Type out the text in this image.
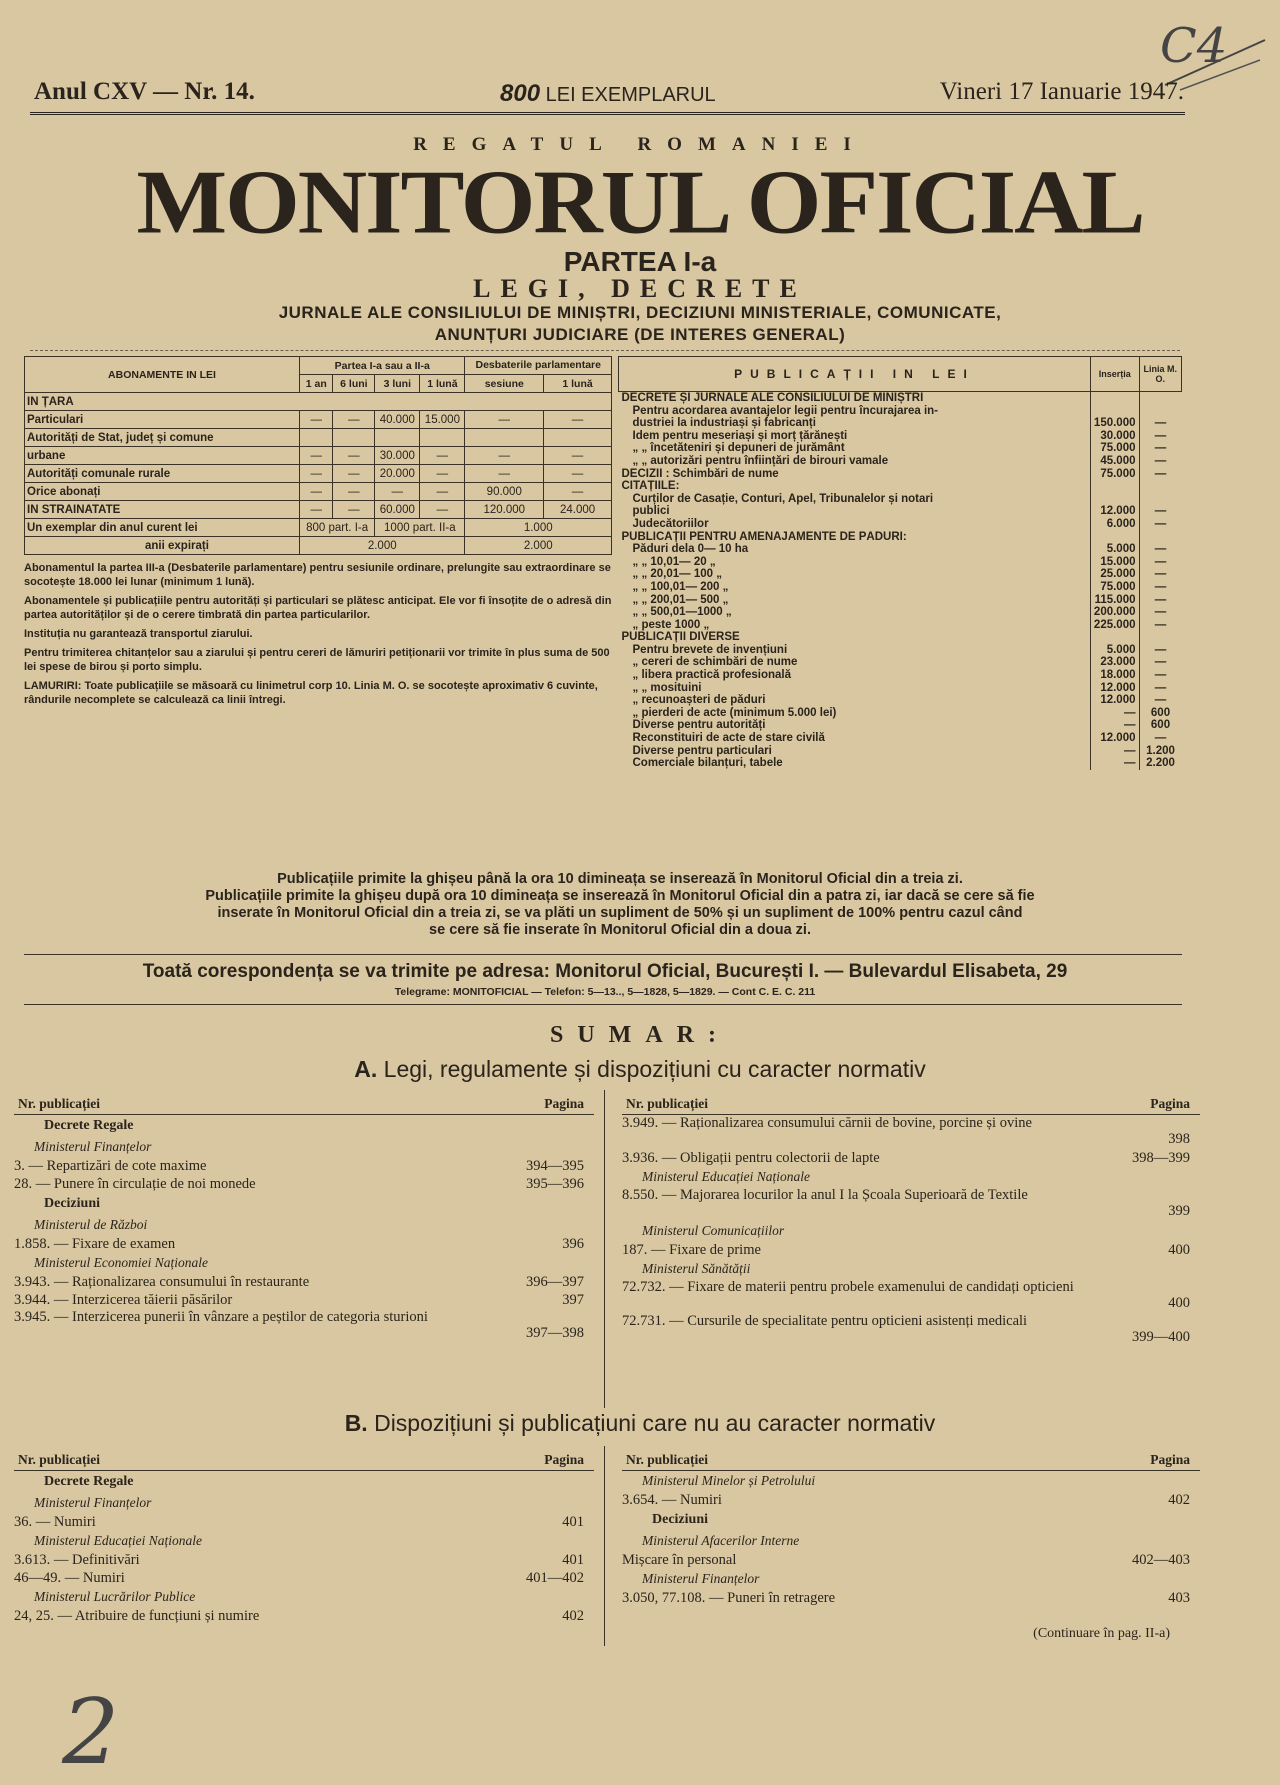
C4
2
Anul CXV — Nr. 14.	800 LEI EXEMPLARUL	Vineri 17 Ianuarie 1947.
REGATUL ROMANIEI
MONITORUL OFICIAL
PARTEA I-a
LEGI, DECRETE
JURNALE ALE CONSILIULUI DE MINIȘTRI, DECIZIUNI MINISTERIALE, COMUNICATE,
ANUNȚURI JUDICIARE (DE INTERES GENERAL)
ABONAMENTE IN LEI	Partea I-a sau a II-a				Desbaterile parlamentare	
	1 an	6 luni	3 luni	1 lună	sesiune	1 lună
IN ȚARA						
Particulari	—	—	40.000	15.000	—	—
Autorități de Stat, județ și comune						
urbane	—	—	30.000	—	—	—
Autorități comunale rurale	—	—	20.000	—	—	—
Orice abonați	—	—	—	—	90.000	—
IN STRAINATATE	—	—	60.000	—	120.000	24.000
Un exemplar din anul curent lei	800 part. I-a		1000 part. II-a		1.000	
anii expirați	2.000				2.000	

Abonamentul la partea III-a (Desbaterile parlamentare) pentru sesiunile ordinare, prelungite sau extraordinare se socotește 18.000 lei lunar (minimum 1 lună).

Abonamentele și publicațiile pentru autorități și particulari se plătesc anticipat. Ele vor fi însoțite de o adresă din partea autorităților și de o cerere timbrată din partea particularilor.

Instituția nu garantează transportul ziarului.

Pentru trimiterea chitanțelor sau a ziarului și pentru cereri de lămuriri petiționarii vor trimite în plus suma de 500 lei spese de birou și porto simplu.

LAMURIRI: Toate publicațiile se măsoară cu linimetrul corp 10. Linia M. O. se socotește aproximativ 6 cuvinte, rândurile necomplete se calculează ca linii întregi.

PUBLICAȚII IN LEI	Inserția	Linia M. O.
DECRETE ȘI JURNALE ALE CONSILIULUI DE MINIȘTRI		
Pentru acordarea avantajelor legii pentru încurajarea in-		
dustriei la industriași și fabricanți	150.000	—
Idem pentru meseriași și morț țărănești	30.000	—
„ „ încetăteniri și depuneri de jurământ	75.000	—
„ „ autorizări pentru înființări de birouri vamale	45.000	—
DECIZII : Schimbări de nume	75.000	—
CITAȚIILE:		
Curților de Casație, Conturi, Apel, Tribunalelor și notari		
publici	12.000	—
Judecătoriilor	6.000	—
PUBLICAȚII PENTRU AMENAJAMENTE DE PĂDURI:		
Păduri dela 0— 10 ha	5.000	—
„ „ 10,01— 20 „	15.000	—
„ „ 20,01— 100 „	25.000	—
„ „ 100,01— 200 „	75.000	—
„ „ 200,01— 500 „	115.000	—
„ „ 500,01—1000 „	200.000	—
„ peste 1000 „	225.000	—
PUBLICAȚII DIVERSE		
Pentru brevete de invențiuni	5.000	—
„ cereri de schimbări de nume	23.000	—
„ libera practică profesională	18.000	—
„ „ mosituini	12.000	—
„ recunoașteri de păduri	12.000	—
„ pierderi de acte (minimum 5.000 lei)	—	600
Diverse pentru autorități	—	600
Reconstituiri de acte de stare civilă	12.000	—
Diverse pentru particulari	—	1.200
Comerciale bilanțuri, tabele	—	2.200
Publicațiile primite la ghișeu până la ora 10 dimineața se inserează în Monitorul Oficial din a treia zi.
Publicațiile primite la ghișeu după ora 10 dimineața se inserează în Monitorul Oficial din a patra zi, iar dacă se cere să fie
inserate în Monitorul Oficial din a treia zi, se va plăti un supliment de 50% și un supliment de 100% pentru cazul când
se cere să fie inserate în Monitorul Oficial din a doua zi.
Toată corespondența se va trimite pe adresa: Monitorul Oficial, București I. — Bulevardul Elisabeta, 29
Telegrame: MONITOFICIAL — Telefon: 5—13.., 5—1828, 5—1829. — Cont C. E. C. 211
SUMAR:
A. Legi, regulamente și dispozițiuni cu caracter normativ
Nr. publicației	Pagina
Decrete Regale
Ministerul Finanțelor
3. — Repartizări de cote maxime	394—395
28. — Punere în circulație de noi monede	395—396
Deciziuni
Ministerul de Război
1.858. — Fixare de examen	396
Ministerul Economiei Naționale
3.943. — Raționalizarea consumului în restaurante	396—397
3.944. — Interzicerea tăierii păsărilor	397
3.945. — Interzicerea punerii în vânzare a peștilor de categoria sturioni
397—398
Nr. publicației	Pagina
3.949. — Raționalizarea consumului cărnii de bovine, porcine și ovine
398
3.936. — Obligații pentru colectorii de lapte	398—399
Ministerul Educației Naționale
8.550. — Majorarea locurilor la anul I la Școala Superioară de Textile
399
Ministerul Comunicațiilor
187. — Fixare de prime	400
Ministerul Sănătății
72.732. — Fixare de materii pentru probele examenului de candidați opticieni
400
72.731. — Cursurile de specialitate pentru opticieni asistenți medicali
399—400
B. Dispozițiuni și publicațiuni care nu au caracter normativ
Nr. publicației	Pagina
Decrete Regale
Ministerul Finanțelor
36. — Numiri	401
Ministerul Educației Naționale
3.613. — Definitivări	401
46—49. — Numiri	401—402
Ministerul Lucrărilor Publice
24, 25. — Atribuire de funcțiuni și numire	402
Nr. publicației	Pagina
Ministerul Minelor și Petrolului
3.654. — Numiri	402
Deciziuni
Ministerul Afacerilor Interne
Mișcare în personal	402—403
Ministerul Finanțelor
3.050, 77.108. — Puneri în retragere	403
(Continuare în pag. II-a)
